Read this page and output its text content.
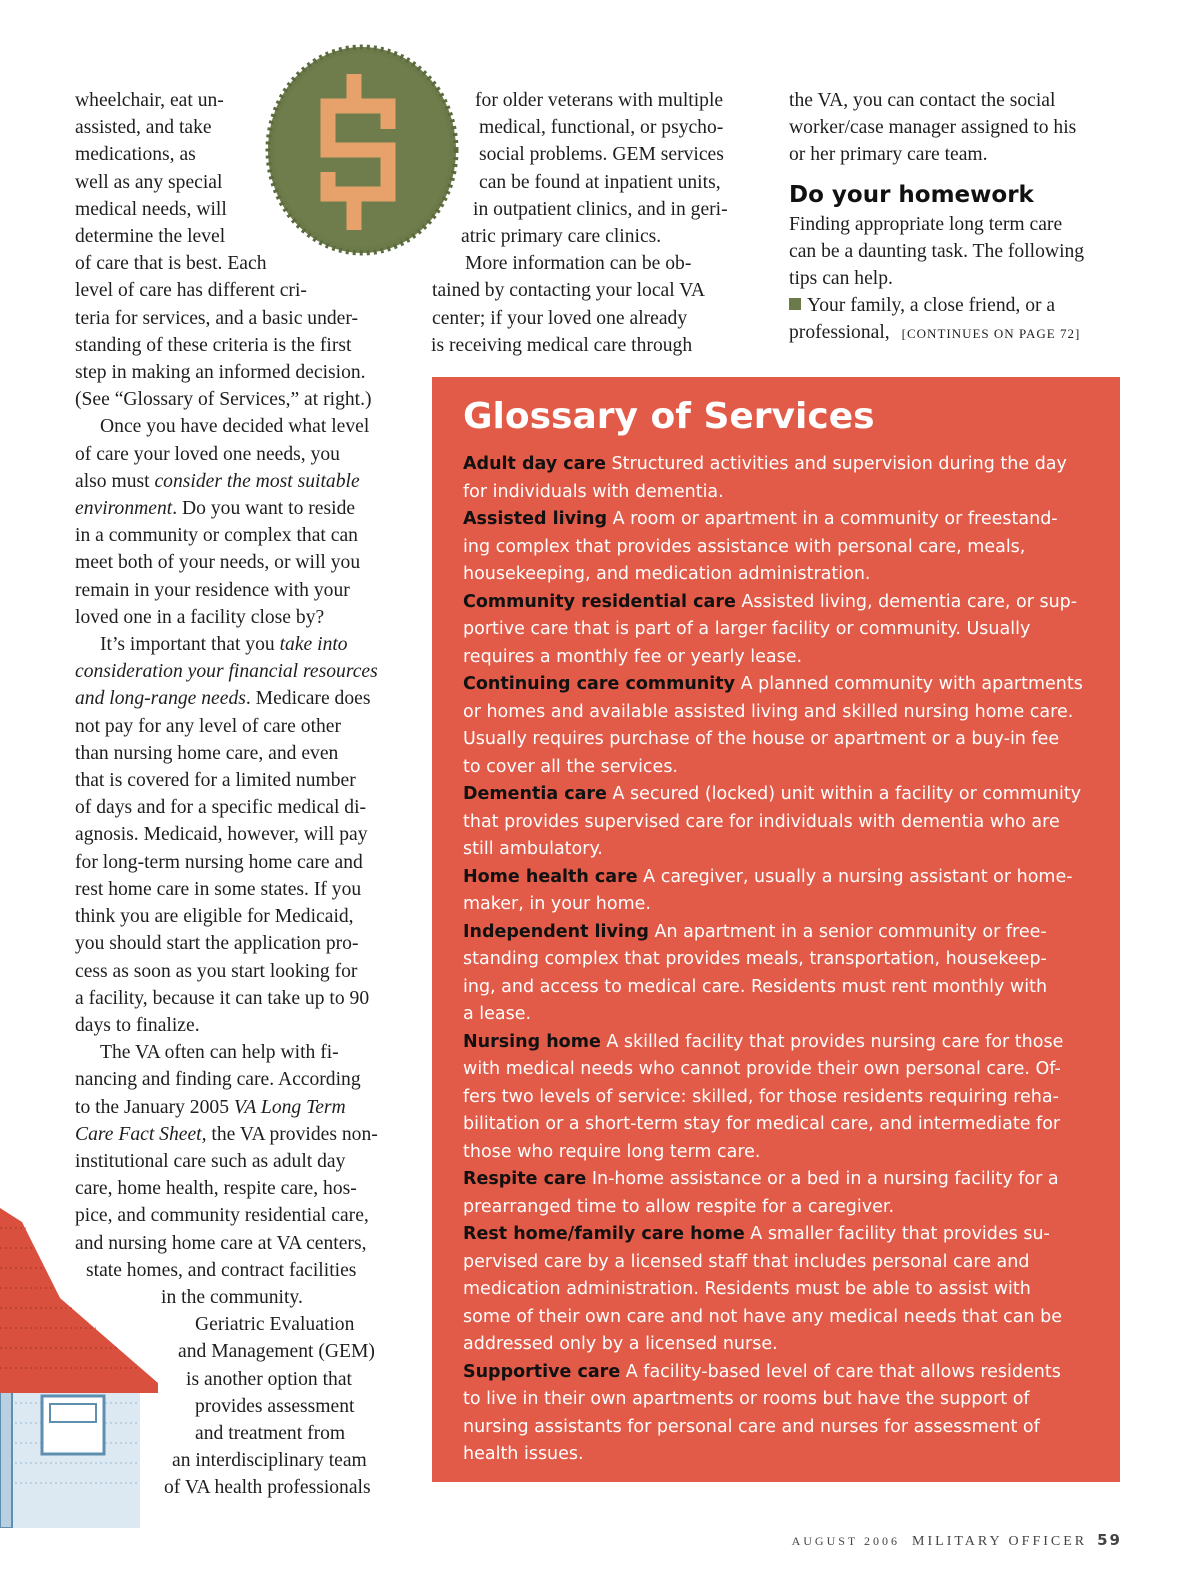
wheelchair, eat un-
assisted, and take
medications, as
well as any special
medical needs, will
determine the level
of care that is best. Each
level of care has different cri-
teria for services, and a basic under-
standing of these criteria is the first
step in making an informed decision.
(See “Glossary of Services,” at right.)
Once you have decided what level
of care your loved one needs, you
also must consider the most suitable
environment. Do you want to reside
in a community or complex that can
meet both of your needs, or will you
remain in your residence with your
loved one in a facility close by?
It’s important that you take into
consideration your financial resources
and long-range needs. Medicare does
not pay for any level of care other
than nursing home care, and even
that is covered for a limited number
of days and for a specific medical di-
agnosis. Medicaid, however, will pay
for long-term nursing home care and
rest home care in some states. If you
think you are eligible for Medicaid,
you should start the application pro-
cess as soon as you start looking for
a facility, because it can take up to 90
days to finalize.
The VA often can help with fi-
nancing and finding care. According
to the January 2005 VA Long Term
Care Fact Sheet, the VA provides non-
institutional care such as adult day
care, home health, respite care, hos-
pice, and community residential care,
and nursing home care at VA centers,
state homes, and contract facilities
in the community.
Geriatric Evaluation
and Management (GEM)
is another option that
provides assessment
and treatment from
an interdisciplinary team
of VA health professionals
for older veterans with multiple
medical, functional, or psycho-
social problems. GEM services
can be found at inpatient units,
in outpatient clinics, and in geri-
atric primary care clinics.
More information can be ob-
tained by contacting your local VA
center; if your loved one already
is receiving medical care through
the VA, you can contact the social
worker/case manager assigned to his
or her primary care team.
Do your homework
Finding appropriate long term care
can be a daunting task. The following
tips can help.
Your family, a close friend, or a
professional, [CONTINUES ON PAGE 72]
Glossary of Services
Adult day care Structured activities and supervision during the day
for individuals with dementia.
Assisted living A room or apartment in a community or freestand-
ing complex that provides assistance with personal care, meals,
housekeeping, and medication administration.
Community residential care Assisted living, dementia care, or sup-
portive care that is part of a larger facility or community. Usually
requires a monthly fee or yearly lease.
Continuing care community A planned community with apartments
or homes and available assisted living and skilled nursing home care.
Usually requires purchase of the house or apartment or a buy-in fee
to cover all the services.
Dementia care A secured (locked) unit within a facility or community
that provides supervised care for individuals with dementia who are
still ambulatory.
Home health care A caregiver, usually a nursing assistant or home-
maker, in your home.
Independent living An apartment in a senior community or free-
standing complex that provides meals, transportation, housekeep-
ing, and access to medical care. Residents must rent monthly with
a lease.
Nursing home A skilled facility that provides nursing care for those
with medical needs who cannot provide their own personal care. Of-
fers two levels of service: skilled, for those residents requiring reha-
bilitation or a short-term stay for medical care, and intermediate for
those who require long term care.
Respite care In-home assistance or a bed in a nursing facility for a
prearranged time to allow respite for a caregiver.
Rest home/family care home A smaller facility that provides su-
pervised care by a licensed staff that includes personal care and
medication administration. Residents must be able to assist with
some of their own care and not have any medical needs that can be
addressed only by a licensed nurse.
Supportive care A facility-based level of care that allows residents
to live in their own apartments or rooms but have the support of
nursing assistants for personal care and nurses for assessment of
health issues.
AUGUST 2006 MILITARY OFFICER 59
